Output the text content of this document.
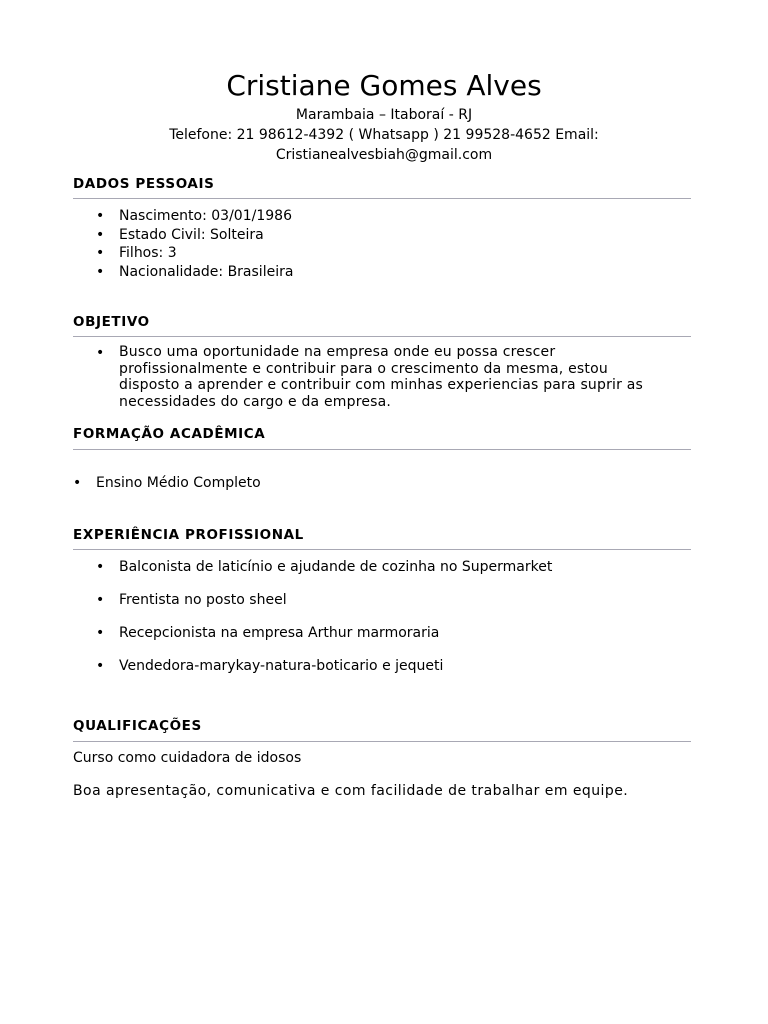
Cristiane Gomes Alves
Marambaia – Itaboraí - RJ
Telefone: 21 98612-4392 ( Whatsapp ) 21 99528-4652 Email:
Cristianealvesbiah@gmail.com
DADOS PESSOAIS
• Nascimento: 03/01/1986
• Estado Civil: Solteira
• Filhos: 3
• Nacionalidade: Brasileira
OBJETIVO
• Busco uma oportunidade na empresa onde eu possa crescer
profissionalmente e contribuir para o crescimento da mesma, estou
disposto a aprender e contribuir com minhas experiencias para suprir as
necessidades do cargo e da empresa.
FORMAÇÃO ACADÊMICA
• Ensino Médio Completo
EXPERIÊNCIA PROFISSIONAL
• Balconista de laticínio e ajudande de cozinha no Supermarket
• Frentista no posto sheel
• Recepcionista na empresa Arthur marmoraria
• Vendedora-marykay-natura-boticario e jequeti
QUALIFICAÇÕES
Curso como cuidadora de idosos
Boa apresentação, comunicativa e com facilidade de trabalhar em equipe.
